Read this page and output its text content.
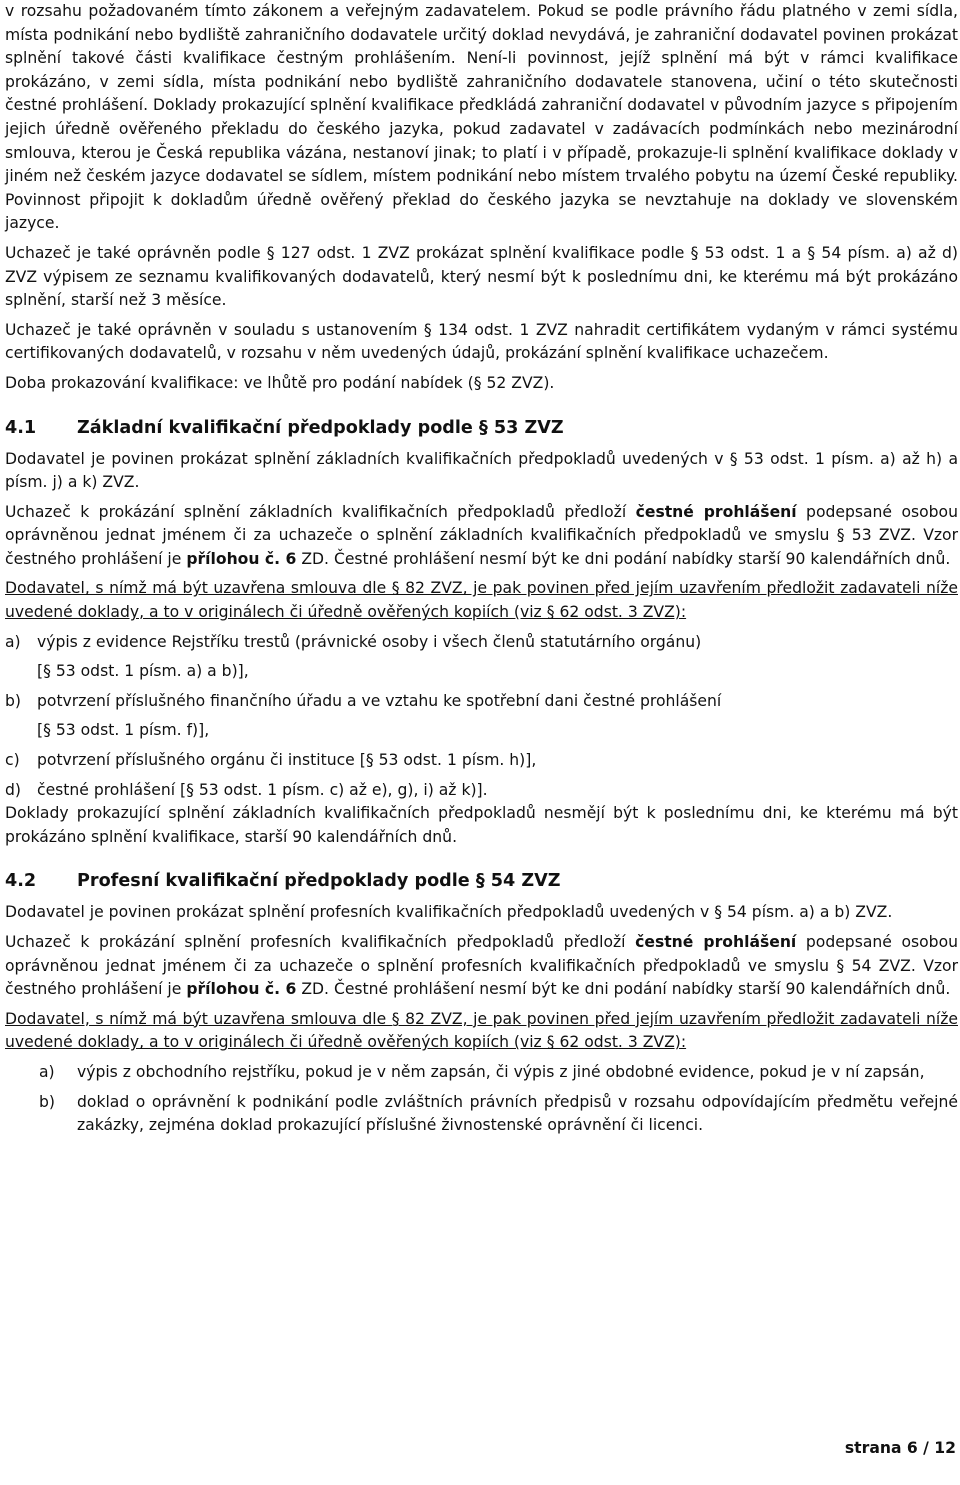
v rozsahu požadovaném tímto zákonem a veřejným zadavatelem. Pokud se podle právního řádu platného v zemi sídla, místa podnikání nebo bydliště zahraničního dodavatele určitý doklad nevydává, je zahraniční dodavatel povinen prokázat splnění takové části kvalifikace čestným prohlášením. Není-li povinnost, jejíž splnění má být v rámci kvalifikace prokázáno, v zemi sídla, místa podnikání nebo bydliště zahraničního dodavatele stanovena, učiní o této skutečnosti čestné prohlášení. Doklady prokazující splnění kvalifikace předkládá zahraniční dodavatel v původním jazyce s připojením jejich úředně ověřeného překladu do českého jazyka, pokud zadavatel v zadávacích podmínkách nebo mezinárodní smlouva, kterou je Česká republika vázána, nestanoví jinak; to platí i v případě, prokazuje-li splnění kvalifikace doklady v jiném než českém jazyce dodavatel se sídlem, místem podnikání nebo místem trvalého pobytu na území České republiky. Povinnost připojit k dokladům úředně ověřený překlad do českého jazyka se nevztahuje na doklady ve slovenském jazyce.

Uchazeč je také oprávněn podle § 127 odst. 1 ZVZ prokázat splnění kvalifikace podle § 53 odst. 1 a § 54 písm. a) až d) ZVZ výpisem ze seznamu kvalifikovaných dodavatelů, který nesmí být k poslednímu dni, ke kterému má být prokázáno splnění, starší než 3 měsíce.

Uchazeč je také oprávněn v souladu s ustanovením § 134 odst. 1 ZVZ nahradit certifikátem vydaným v rámci systému certifikovaných dodavatelů, v rozsahu v něm uvedených údajů, prokázání splnění kvalifikace uchazečem.

Doba prokazování kvalifikace: ve lhůtě pro podání nabídek (§ 52 ZVZ).

4.1 Základní kvalifikační předpoklady podle § 53 ZVZ

Dodavatel je povinen prokázat splnění základních kvalifikačních předpokladů uvedených v § 53 odst. 1 písm. a) až h) a písm. j) a k) ZVZ.

Uchazeč k prokázání splnění základních kvalifikačních předpokladů předloží čestné prohlášení podepsané osobou oprávněnou jednat jménem či za uchazeče o splnění základních kvalifikačních předpokladů ve smyslu § 53 ZVZ. Vzor čestného prohlášení je přílohou č. 6 ZD. Čestné prohlášení nesmí být ke dni podání nabídky starší 90 kalendářních dnů.

Dodavatel, s nímž má být uzavřena smlouva dle § 82 ZVZ, je pak povinen před jejím uzavřením předložit zadavateli níže uvedené doklady, a to v originálech či úředně ověřených kopiích (viz § 62 odst. 3 ZVZ):

a)	výpis z evidence Rejstříku trestů (právnické osoby i všech členů statutárního orgánu)
[§ 53 odst. 1 písm. a) a b)],
b)	potvrzení příslušného finančního úřadu a ve vztahu ke spotřební dani čestné prohlášení
[§ 53 odst. 1 písm. f)],
c)	potvrzení příslušného orgánu či instituce [§ 53 odst. 1 písm. h)],
d)	čestné prohlášení [§ 53 odst. 1 písm. c) až e), g), i) až k)].

Doklady prokazující splnění základních kvalifikačních předpokladů nesmějí být k poslednímu dni, ke kterému má být prokázáno splnění kvalifikace, starší 90 kalendářních dnů.

4.2 Profesní kvalifikační předpoklady podle § 54 ZVZ

Dodavatel je povinen prokázat splnění profesních kvalifikačních předpokladů uvedených v § 54 písm. a) a b) ZVZ.

Uchazeč k prokázání splnění profesních kvalifikačních předpokladů předloží čestné prohlášení podepsané osobou oprávněnou jednat jménem či za uchazeče o splnění profesních kvalifikačních předpokladů ve smyslu § 54 ZVZ. Vzor čestného prohlášení je přílohou č. 6 ZD. Čestné prohlášení nesmí být ke dni podání nabídky starší 90 kalendářních dnů.

Dodavatel, s nímž má být uzavřena smlouva dle § 82 ZVZ, je pak povinen před jejím uzavřením předložit zadavateli níže uvedené doklady, a to v originálech či úředně ověřených kopiích (viz § 62 odst. 3 ZVZ):

a)	výpis z obchodního rejstříku, pokud je v něm zapsán, či výpis z jiné obdobné evidence, pokud je v ní zapsán,
b)	doklad o oprávnění k podnikání podle zvláštních právních předpisů v rozsahu odpovídajícím předmětu veřejné zakázky, zejména doklad prokazující příslušné živnostenské oprávnění či licenci.
strana 6 / 12
